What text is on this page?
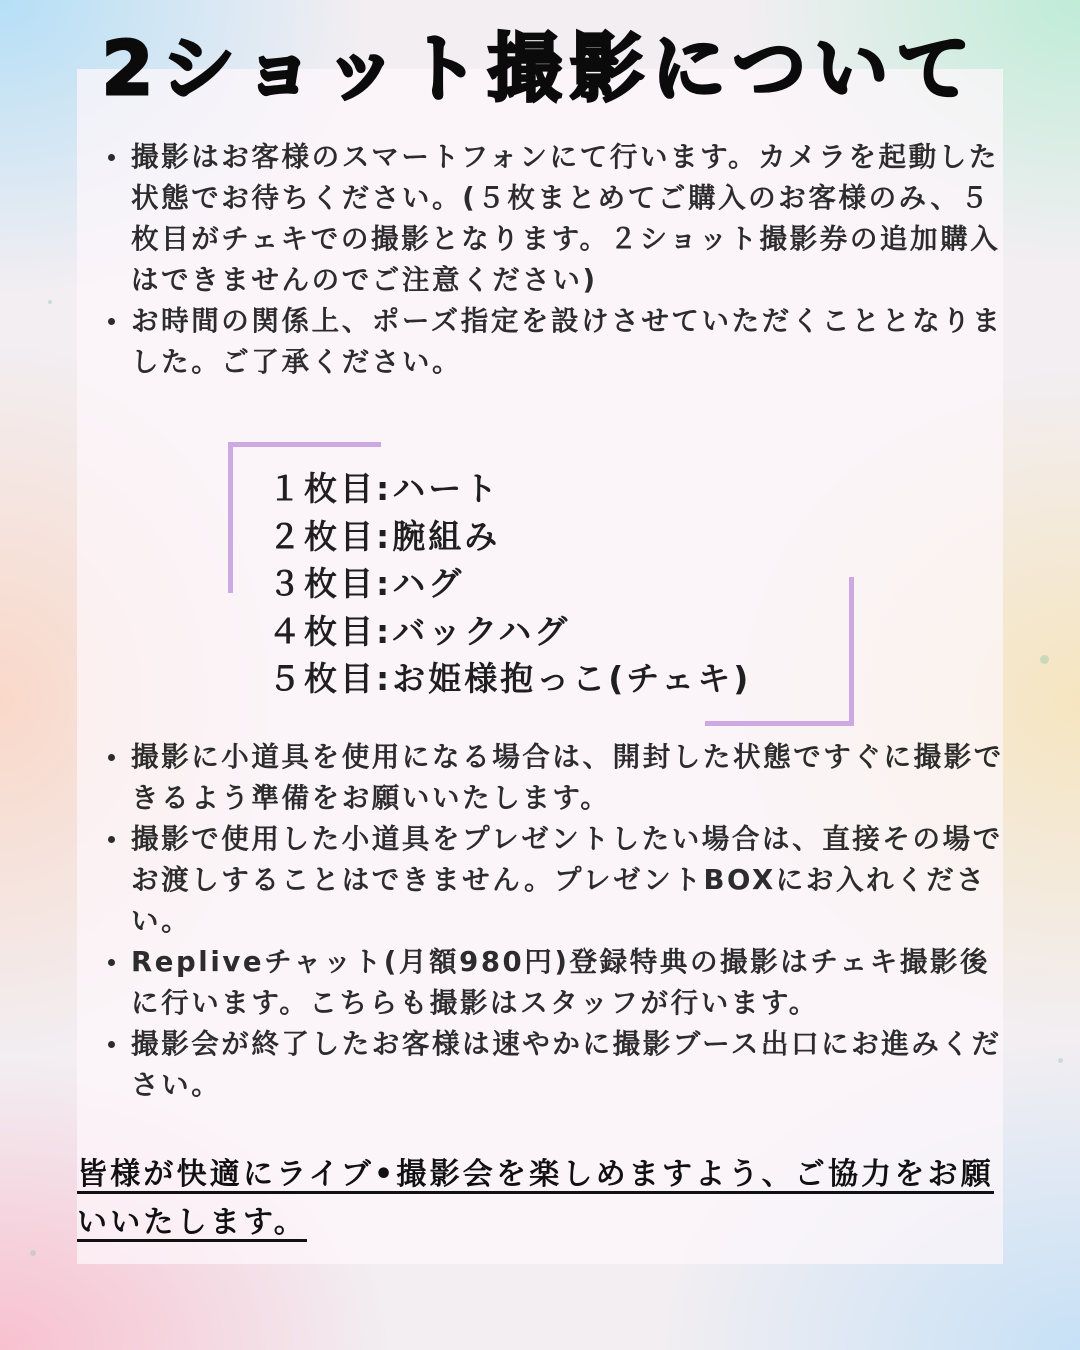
2ショット撮影について
撮影はお客様のスマートフォンにて行います。カメラを起動した状態でお待ちください。(５枚まとめてご購入のお客様のみ、５枚目がチェキでの撮影となります。２ショット撮影券の追加購入はできませんのでご注意ください)
お時間の関係上、ポーズ指定を設けさせていただくこととなりました。ご了承ください。
１枚目:ハート
２枚目:腕組み
３枚目:ハグ
４枚目:バックハグ
５枚目:お姫様抱っこ(チェキ)
撮影に小道具を使用になる場合は、開封した状態ですぐに撮影できるよう準備をお願いいたします。
撮影で使用した小道具をプレゼントしたい場合は、直接その場でお渡しすることはできません。プレゼントBOXにお入れください。
Repliveチャット(月額980円)登録特典の撮影はチェキ撮影後に行います。こちらも撮影はスタッフが行います。
撮影会が終了したお客様は速やかに撮影ブース出口にお進みください。
皆様が快適にライブ•撮影会を楽しめますよう、ご協力をお願いいたします。
